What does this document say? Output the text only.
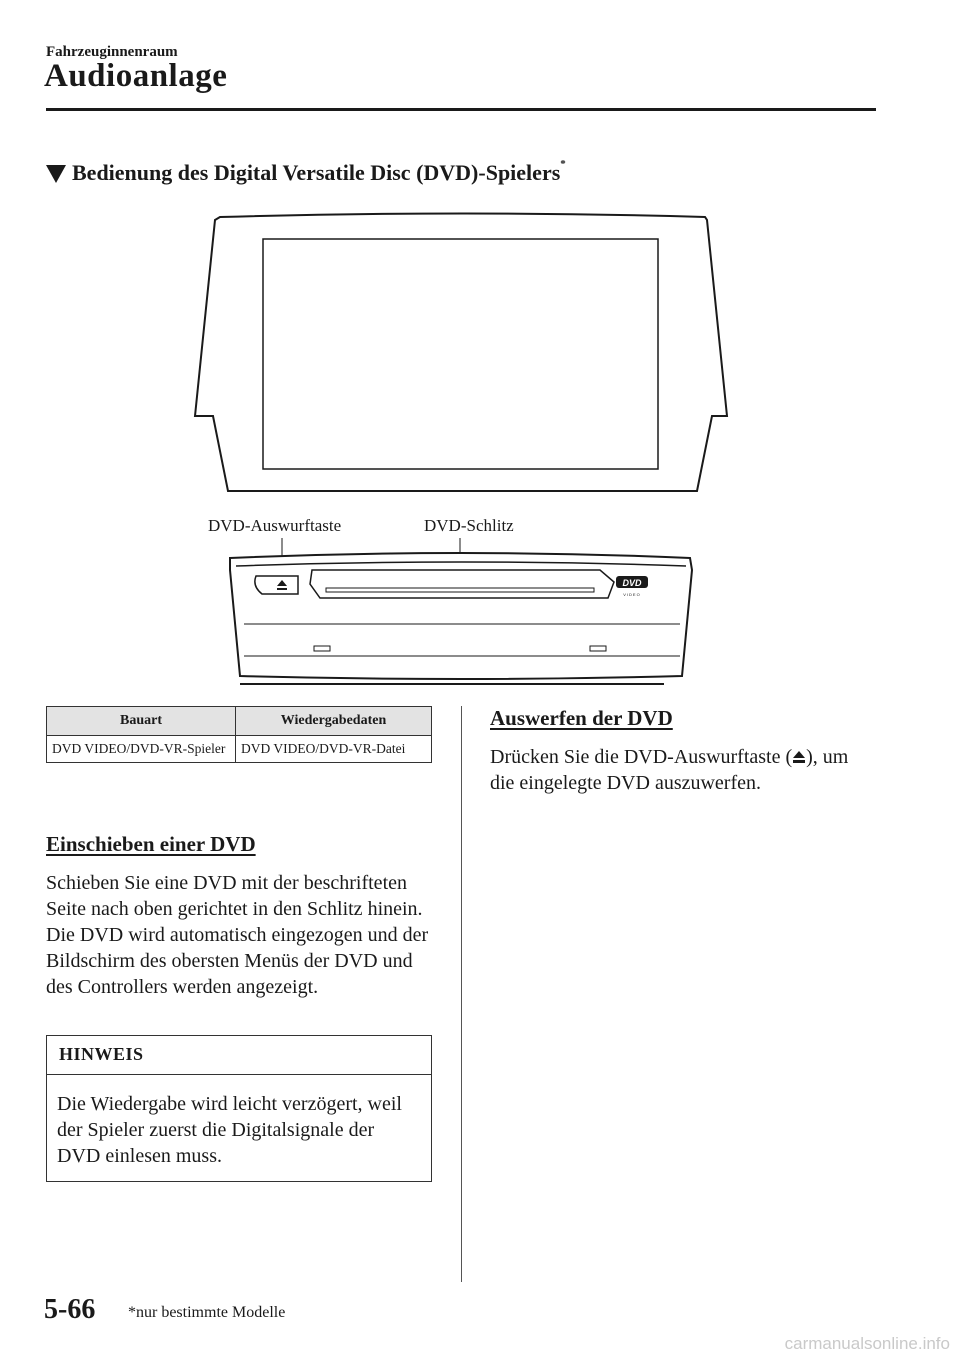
Fahrzeuginnenraum
Audioanlage
Bedienung des Digital Versatile Disc (DVD)-Spielers*
DVD-Auswurftaste	DVD-Schlitz
DVD
VIDEO
Bauart	Wiedergabedaten
DVD VIDEO/DVD-VR-Spieler	DVD VIDEO/DVD-VR-Datei
Einschieben einer DVD
Schieben Sie eine DVD mit der beschrifteten Seite nach oben gerichtet in den Schlitz hinein. Die DVD wird automatisch eingezogen und der Bildschirm des obersten Menüs der DVD und des Controllers werden angezeigt.
HINWEIS
Die Wiedergabe wird leicht verzögert, weil der Spieler zuerst die Digitalsignale der DVD einlesen muss.
Auswerfen der DVD
Drücken Sie die DVD-Auswurftaste ( ), um die eingelegte DVD auszuwerfen.
5-66 *nur bestimmte Modelle
carmanualsonline.info
